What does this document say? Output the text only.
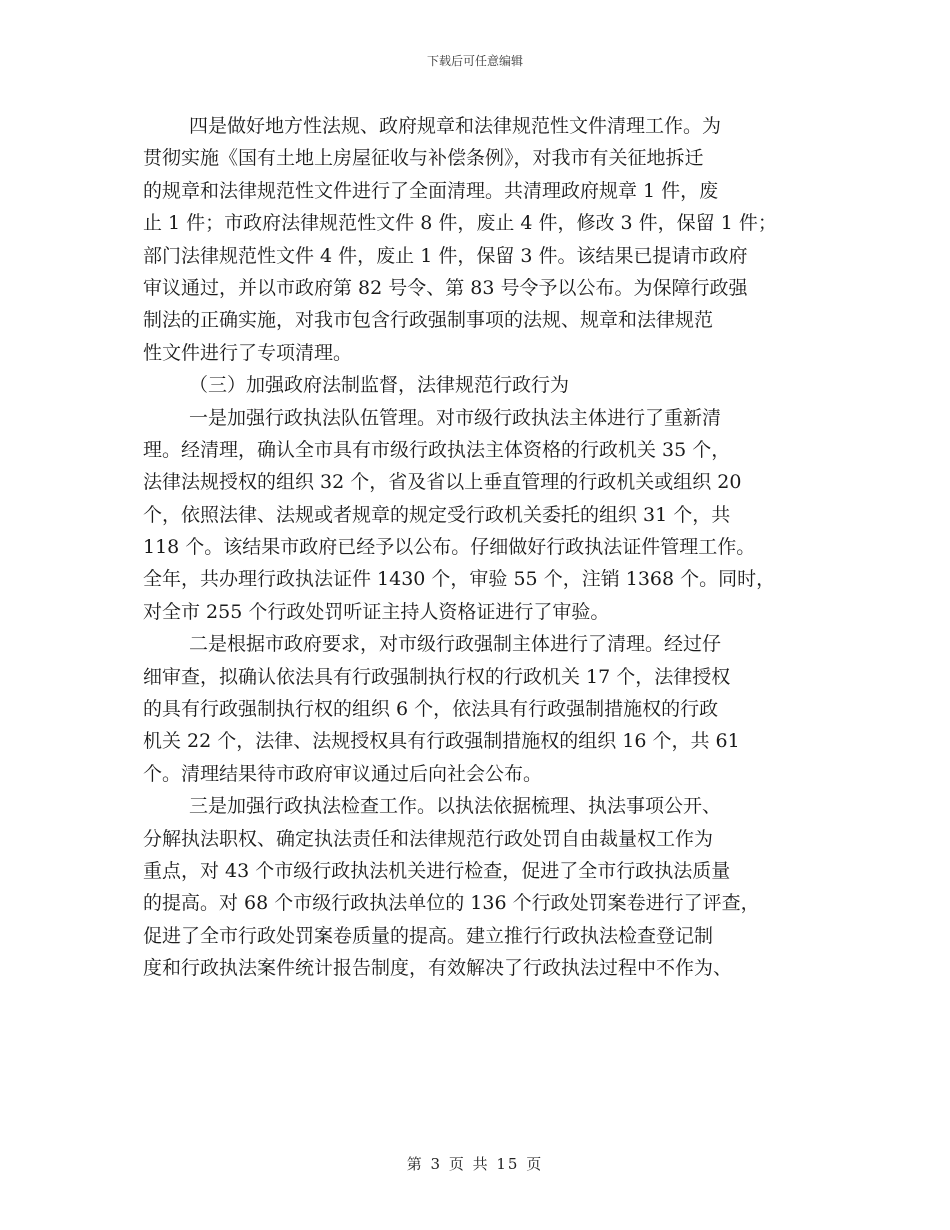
下载后可任意编辑
四是做好地方性法规、政府规章和法律规范性文件清理工作。为
贯彻实施《国有土地上房屋征收与补偿条例》，对我市有关征地拆迁
的规章和法律规范性文件进行了全面清理。共清理政府规章 1 件，废
止 1 件；市政府法律规范性文件 8 件，废止 4 件，修改 3 件，保留 1 件；
部门法律规范性文件 4 件，废止 1 件，保留 3 件。该结果已提请市政府
审议通过，并以市政府第 82 号令、第 83 号令予以公布。为保障行政强
制法的正确实施，对我市包含行政强制事项的法规、规章和法律规范
性文件进行了专项清理。
（三）加强政府法制监督，法律规范行政行为
一是加强行政执法队伍管理。对市级行政执法主体进行了重新清
理。经清理，确认全市具有市级行政执法主体资格的行政机关 35 个，
法律法规授权的组织 32 个，省及省以上垂直管理的行政机关或组织 20
个，依照法律、法规或者规章的规定受行政机关委托的组织 31 个，共
118 个。该结果市政府已经予以公布。仔细做好行政执法证件管理工作。
全年，共办理行政执法证件 1430 个，审验 55 个，注销 1368 个。同时，
对全市 255 个行政处罚听证主持人资格证进行了审验。
二是根据市政府要求，对市级行政强制主体进行了清理。经过仔
细审查，拟确认依法具有行政强制执行权的行政机关 17 个，法律授权
的具有行政强制执行权的组织 6 个，依法具有行政强制措施权的行政
机关 22 个，法律、法规授权具有行政强制措施权的组织 16 个，共 61
个。清理结果待市政府审议通过后向社会公布。
三是加强行政执法检查工作。以执法依据梳理、执法事项公开、
分解执法职权、确定执法责任和法律规范行政处罚自由裁量权工作为
重点，对 43 个市级行政执法机关进行检查，促进了全市行政执法质量
的提高。对 68 个市级行政执法单位的 136 个行政处罚案卷进行了评查，
促进了全市行政处罚案卷质量的提高。建立推行行政执法检查登记制
度和行政执法案件统计报告制度，有效解决了行政执法过程中不作为、
第 3 页 共 15 页
